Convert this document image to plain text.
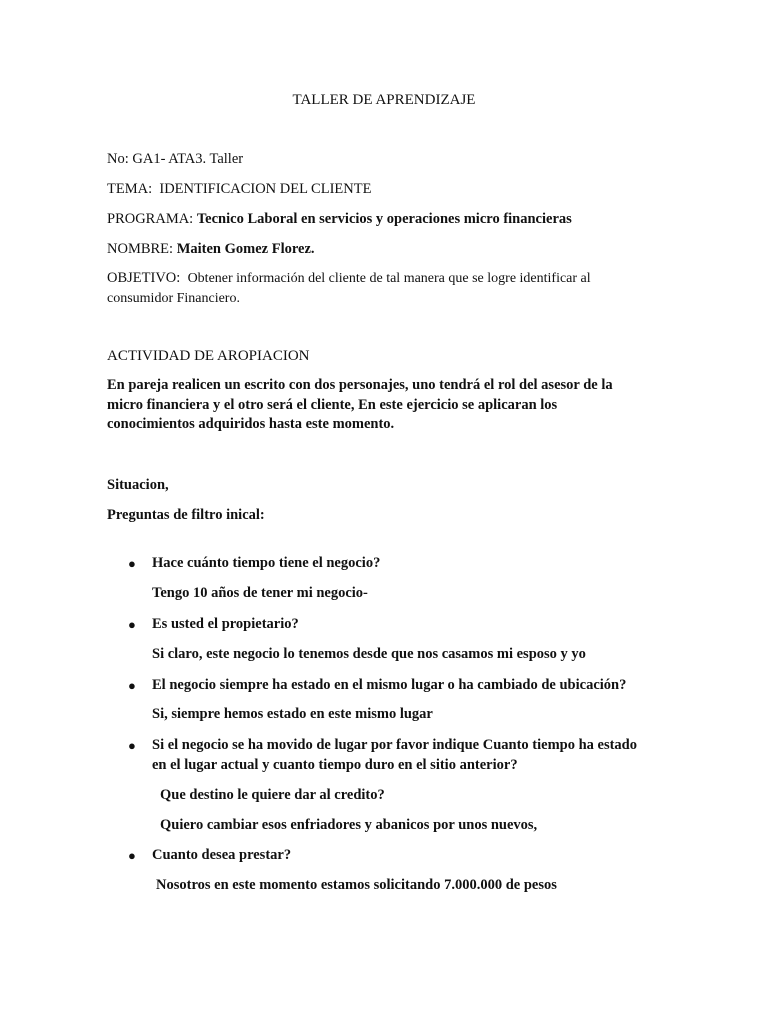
TALLER DE APRENDIZAJE
No: GA1- ATA3. Taller
TEMA: IDENTIFICACION DEL CLIENTE
PROGRAMA: Tecnico Laboral en servicios y operaciones micro financieras
NOMBRE: Maiten Gomez Florez.
OBJETIVO: Obtener información del cliente de tal manera que se logre identificar al
consumidor Financiero.
ACTIVIDAD DE AROPIACION
En pareja realicen un escrito con dos personajes, uno tendrá el rol del asesor de la
micro financiera y el otro será el cliente, En este ejercicio se aplicaran los
conocimientos adquiridos hasta este momento.
Situacion,
Preguntas de filtro inical:
● Hace cuánto tiempo tiene el negocio?
Tengo 10 años de tener mi negocio-
● Es usted el propietario?
Si claro, este negocio lo tenemos desde que nos casamos mi esposo y yo
● El negocio siempre ha estado en el mismo lugar o ha cambiado de ubicación?
Si, siempre hemos estado en este mismo lugar
● Si el negocio se ha movido de lugar por favor indique Cuanto tiempo ha estado
en el lugar actual y cuanto tiempo duro en el sitio anterior?
Que destino le quiere dar al credito?
Quiero cambiar esos enfriadores y abanicos por unos nuevos,
● Cuanto desea prestar?
Nosotros en este momento estamos solicitando 7.000.000 de pesos
